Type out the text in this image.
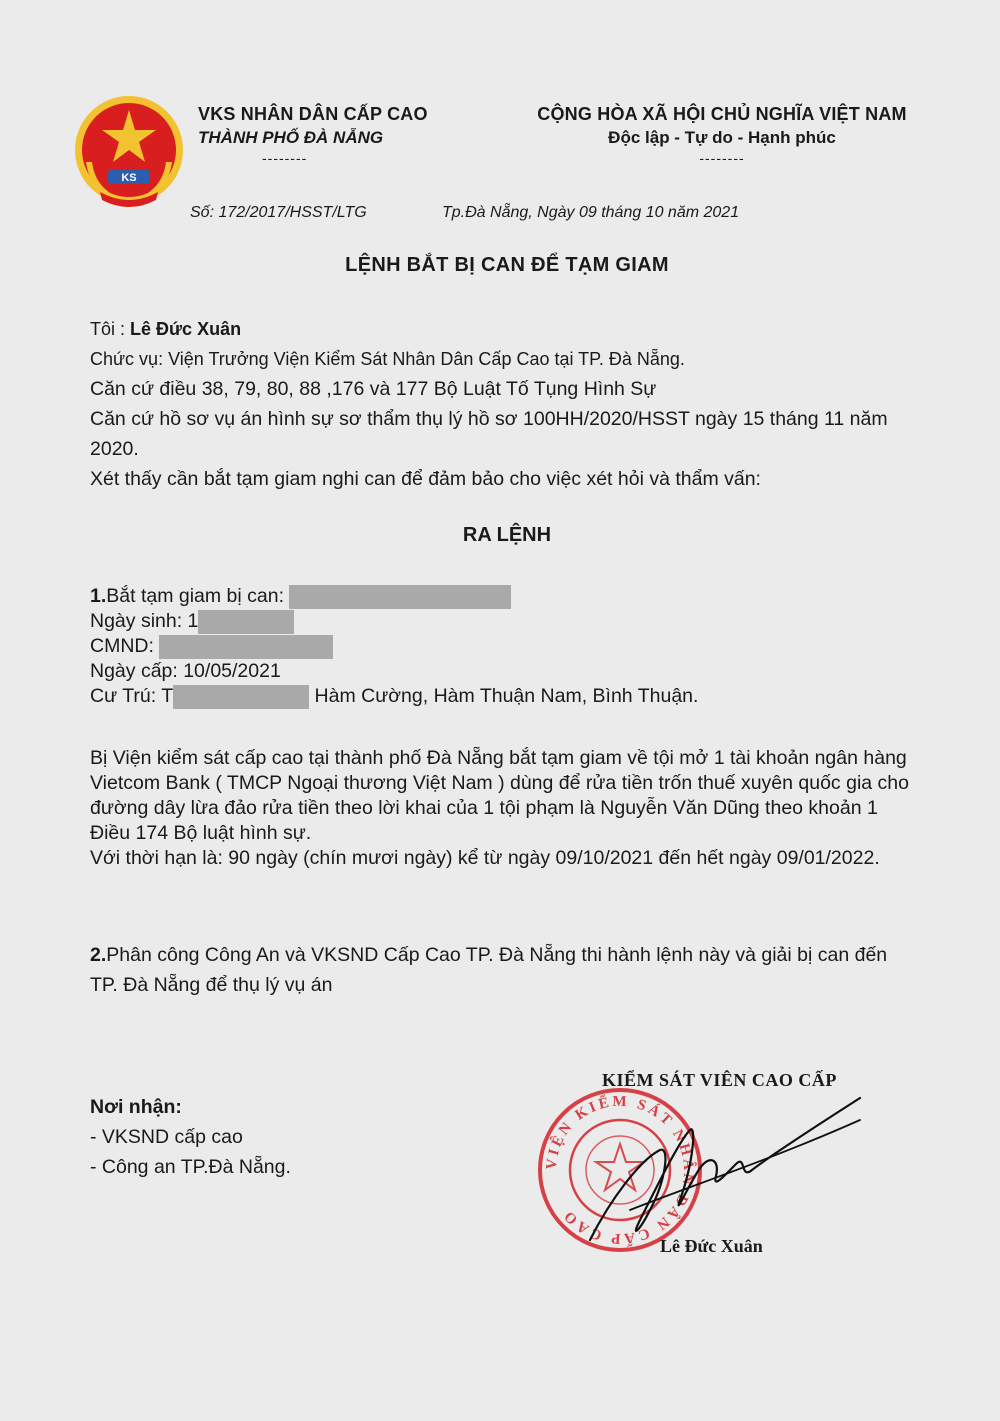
KS
VKS NHÂN DÂN CẤP CAO
THÀNH PHỐ ĐÀ NẴNG
--------
CỘNG HÒA XÃ HỘI CHỦ NGHĨA VIỆT NAM
Độc lập - Tự do - Hạnh phúc
--------
Số: 172/2017/HSST/LTG	Tp.Đà Nẵng, Ngày 09 tháng 10 năm 2021
LỆNH BẮT BỊ CAN ĐỂ TẠM GIAM

Tôi : Lê Đức Xuân

Chức vụ: Viện Trưởng Viện Kiểm Sát Nhân Dân Cấp Cao tại TP. Đà Nẵng.

Căn cứ điều 38, 79, 80, 88 ,176 và 177 Bộ Luật Tố Tụng Hình Sự

Căn cứ hồ sơ vụ án hình sự sơ thẩm thụ lý hồ sơ 100HH/2020/HSST ngày 15 tháng 11 năm 2020.

Xét thấy cần bắt tạm giam nghi can để đảm bảo cho việc xét hỏi và thẩm vấn:

RA LỆNH

1.Bắt tạm giam bị can:

Ngày sinh: 1

CMND:

Ngày cấp: 10/05/2021

Cư Trú: T	Hàm Cường, Hàm Thuận Nam, Bình Thuận.

Bị Viện kiểm sát cấp cao tại thành phố Đà Nẵng bắt tạm giam về tội mở 1 tài khoản ngân hàng Vietcom Bank ( TMCP Ngoại thương Việt Nam ) dùng để rửa tiền trốn thuế xuyên quốc gia cho đường dây lừa đảo rửa tiền theo lời khai của 1 tội phạm là Nguyễn Văn Dũng theo khoản 1 Điều 174 Bộ luật hình sự.

Với thời hạn là: 90 ngày (chín mươi ngày) kể từ ngày 09/10/2021 đến hết ngày 09/01/2022.

2.Phân công Công An và VKSND Cấp Cao TP. Đà Nẵng thi hành lệnh này và giải bị can đến TP. Đà Nẵng để thụ lý vụ án
Nơi nhận:
- VKSND cấp cao
- Công an TP.Đà Nẵng.
KIỂM SÁT VIÊN CAO CẤP
VIỆN KIỂM SÁT NHÂN DÂN CẤP CAO
Lê Đức Xuân
